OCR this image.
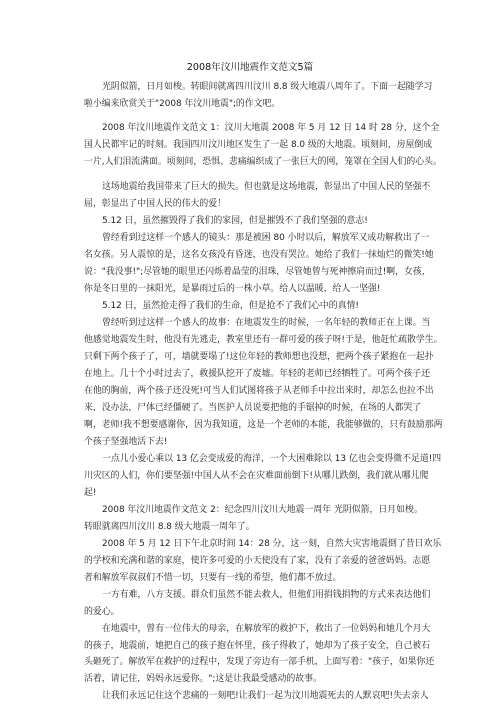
2008年汶川地震作文范文5篇
光阴似箭，日月如梭。转眼间就离四川汶川 8.8 级大地震八周年了。下面一起随学习
啦小编来欣赏关于"2008 年汶川地震";的作文吧。
2008 年汶川地震作文范文 1：汶川大地震 2008 年 5 月 12 日 14 时 28 分，这个全
国人民都牢记的时刻。我国四川汶川地区发生了一起 8.0 级的大地震。顷刻间，房屋倒成
一片,人们泪流满面。顷刻间，恐惧、悲痛编织成了一张巨大的网，笼罩在全国人们的心头。
这场地震给我国带来了巨大的损失。但也就是这场地震，彰显出了中国人民的坚强不
屈，彰显出了中国人民的伟大的爱！
5.12 日，虽然摧毁得了我们的家园，但是摧毁不了我们坚强的意志!
曾经看到过这样一个感人的镜头：那是被困 80 小时以后，解放军又成功解救出了一
名女孩。另人震惊的是，这名女孩没有昏迷，也没有哭泣。她给了我们一抹灿烂的微笑!她
说："我没事!";尽管她的眼里还闪烁着晶莹的泪珠，尽管她曾与死神擦肩而过!啊，女孩，
你是冬日里的一抹阳光，是暴雨过后的一株小草。给人以温暖，给人一坚强!
5.12 日，虽然抢走得了我们的生命，但是抢不了我们心中的真情!
曾经听到过这样一个感人的故事：在地震发生的时候，一名年轻的教师正在上课。当
他感觉地震发生时，他没有先逃走，教室里还有一群可爱的孩子呀!于是，他赶忙疏散学生。
只剩下两个孩子了，可，墙就要塌了!这位年轻的教师想也没想，把两个孩子紧抱在一起扑
在地上。几十个小时过去了，救援队挖开了废墟。年轻的老师已经牺牲了。可两个孩子还
在他的胸前，两个孩子还没死!可当人们试图将孩子从老师手中拉出来时，却怎么也拉不出
来，没办法，尸体已经僵硬了。当医护人员说要把他的手锯掉的时候，在场的人都哭了
啊，老师!我不想要感谢你，因为我知道，这是一个老师的本能，我能够做的，只有鼓励那两
个孩子坚强地活下去!
一点儿小爱心乘以 13 亿会变成爱的海洋，一个大困难除以 13 亿也会变得微不足道!四
川灾区的人们，你们要坚强!中国人从不会在灾难面前倒下!从哪儿跌倒，我们就从哪儿爬
起!
2008 年汶川地震作文范文 2：纪念四川汶川大地震一周年 光阴似箭，日月如梭。
转眼就离四川汶川 8.8 级大地震一周年了。
2008 年 5 月 12 日下午北京时间 14：28 分，这一刻，自然大灾害地震倒了昔日欢乐
的学校和充满和谐的家庭，使许多可爱的小天使没有了家，没有了亲爱的爸爸妈妈。志愿
者和解放军叔叔们不惜一切，只要有一线的希望，他们都不放过。
一方有难，八方支援。群众们虽然不能去救人，但他们用捐钱捐物的方式来表达他们
的爱心。
在地震中，曾有一位伟大的母亲，在解放军的救护下，救出了一位妈妈和她几个月大
的孩子，地震前，她把自己的孩子抱在怀里，孩子得救了，她却为了孩子安全，自己被石
头砸死了。解放军在救护的过程中，发现了旁边有一部手机，上面写着："孩子，如果你还
活着，请记住，妈妈永远爱你。";这是让我最受感动的故事。
让我们永远记住这个悲痛的一刻吧!让我们一起为汶川地震死去的人默哀吧!失去亲人
